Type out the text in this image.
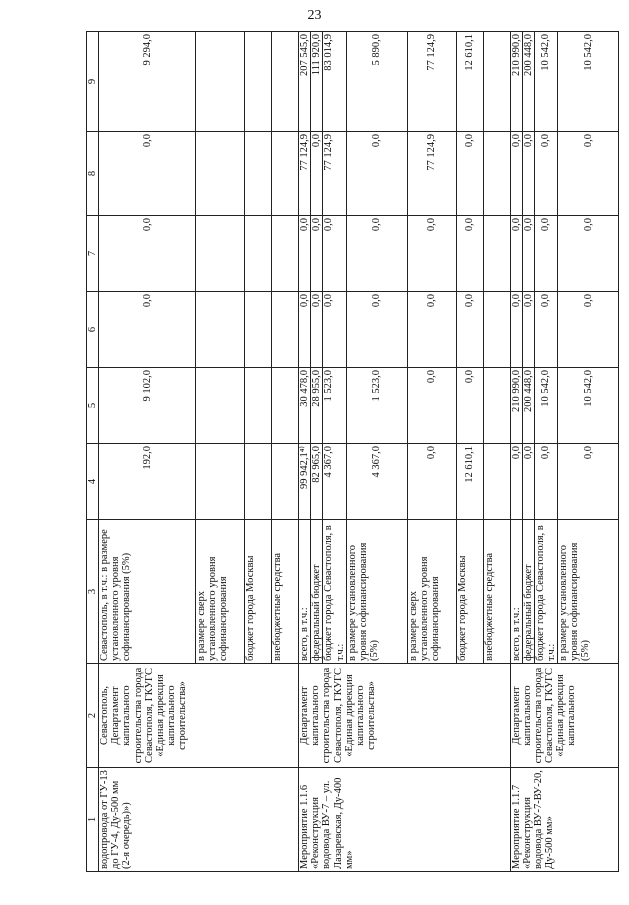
23
1	2	3	4	5	6	7	8	9
водопровода от ГУ-13 до ГУ-4, Ду-500 мм (2-я очередь)»)	Севастополь, Департамент капитального строительства города Севастополя, ГКУГС «Единая дирекция капитального строительства»	Севастополь, в т.ч.: в размере установленного уровня софинансирования (5%)	192,0	9 102,0	0,0	0,0	0,0	9 294,0
		в размере сверх установленного уровня софинансирования						
		бюджет города Москвы						
		внебюджетные средства						
Мероприятие 1.1.6 «Реконструкция водовода ВУ-7 – ул. Лазаревская, Ду-400 мм»	Департамент капитального строительства города Севастополя, ГКУГС «Единая дирекция капитального строительства»	всего, в т.ч.:	99 942,1⁴⁾	30 478,0	0,0	0,0	77 124,9	207 545,0
		федеральный бюджет	82 965,0	28 955,0	0,0	0,0	0,0	111 920,0
		бюджет города Севастополя, в т.ч.:	4 367,0	1 523,0	0,0	0,0	77 124,9	83 014,9
		в размере установленного уровня софинансирования (5%)	4 367,0	1 523,0	0,0	0,0	0,0	5 890,0
		в размере сверх установленного уровня софинансирования	0,0	0,0	0,0	0,0	77 124,9	77 124,9
		бюджет города Москвы	12 610,1	0,0	0,0	0,0	0,0	12 610,1
		внебюджетные средства						
Мероприятие 1.1.7 «Реконструкция водовода ВУ-7-ВУ-20, Ду-500 мм»	Департамент капитального строительства города Севастополя, ГКУГС «Единая дирекция капитального	всего, в т.ч.:	0,0	210 990,0	0,0	0,0	0,0	210 990,0
		федеральный бюджет	0,0	200 448,0	0,0	0,0	0,0	200 448,0
		бюджет города Севастополя, в т.ч.:	0,0	10 542,0	0,0	0,0	0,0	10 542,0
		в размере установленного уровня софинансирования (5%)	0,0	10 542,0	0,0	0,0	0,0	10 542,0
